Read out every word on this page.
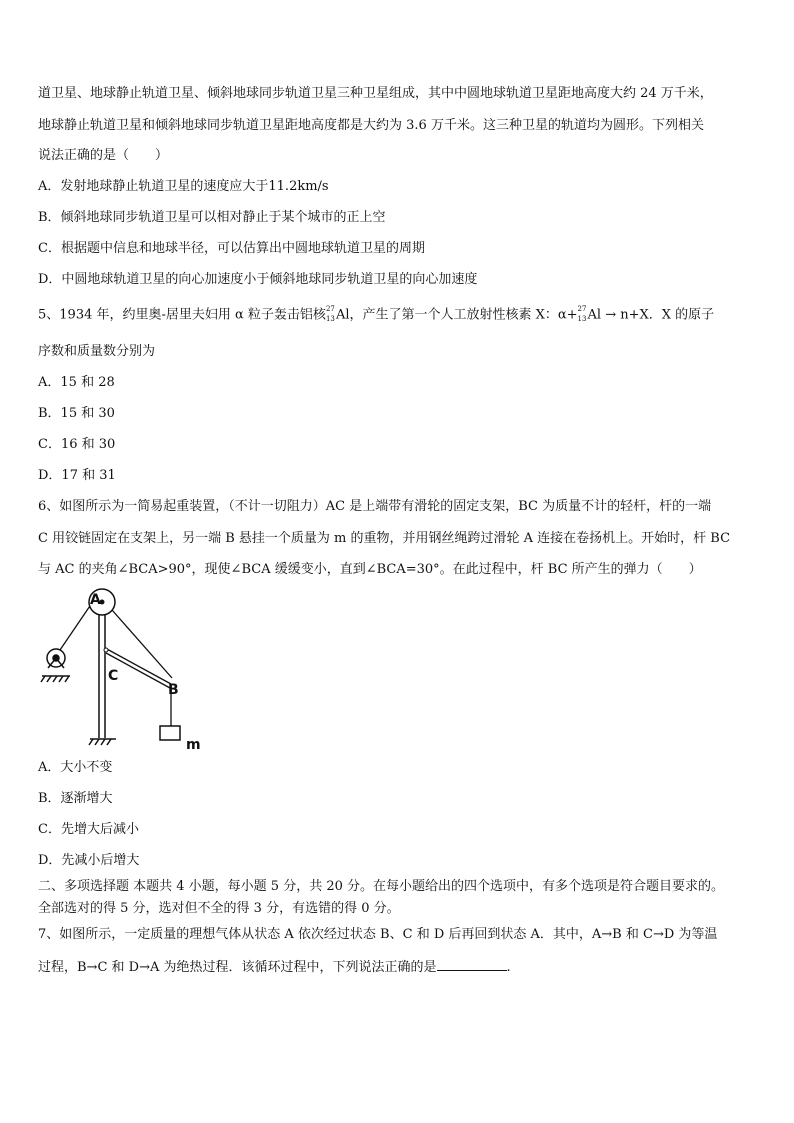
道卫星、地球静止轨道卫星、倾斜地球同步轨道卫星三种卫星组成，其中中圆地球轨道卫星距地高度大约 24 万千米，
地球静止轨道卫星和倾斜地球同步轨道卫星距地高度都是大约为 3.6 万千米。这三种卫星的轨道均为圆形。下列相关
说法正确的是（　　）
A．发射地球静止轨道卫星的速度应大于11.2km/s
B．倾斜地球同步轨道卫星可以相对静止于某个城市的正上空
C．根据题中信息和地球半径，可以估算出中圆地球轨道卫星的周期
D．中圆地球轨道卫星的向心加速度小于倾斜地球同步轨道卫星的向心加速度
5、1934 年，约里奥-居里夫妇用 α 粒子轰击铝核 27
13 Al，产生了第一个人工放射性核素 X：α+ 27
13 Al → n+X．X 的原子
序数和质量数分别为
A．15 和 28
B．15 和 30
C．16 和 30
D．17 和 31
6、如图所示为一简易起重装置，（不计一切阻力）AC 是上端带有滑轮的固定支架，BC 为质量不计的轻杆，杆的一端
C 用铰链固定在支架上，另一端 B 悬挂一个质量为 m 的重物，并用钢丝绳跨过滑轮 A 连接在卷扬机上。开始时，杆 BC
与 AC 的夹角∠BCA>90°，现使∠BCA 缓缓变小，直到∠BCA=30°。在此过程中，杆 BC 所产生的弹力（　　）
A
C
B
m
A．大小不变
B．逐渐增大
C．先增大后减小
D．先减小后增大
二、多项选择题 本题共 4 小题，每小题 5 分，共 20 分。在每小题给出的四个选项中，有多个选项是符合题目要求的。
全部选对的得 5 分，选对但不全的得 3 分，有选错的得 0 分。
7、如图所示，一定质量的理想气体从状态 A 依次经过状态 B、C 和 D 后再回到状态 A．其中，A→B 和 C→D 为等温
过程，B→C 和 D→A 为绝热过程．该循环过程中，下列说法正确的是	.
